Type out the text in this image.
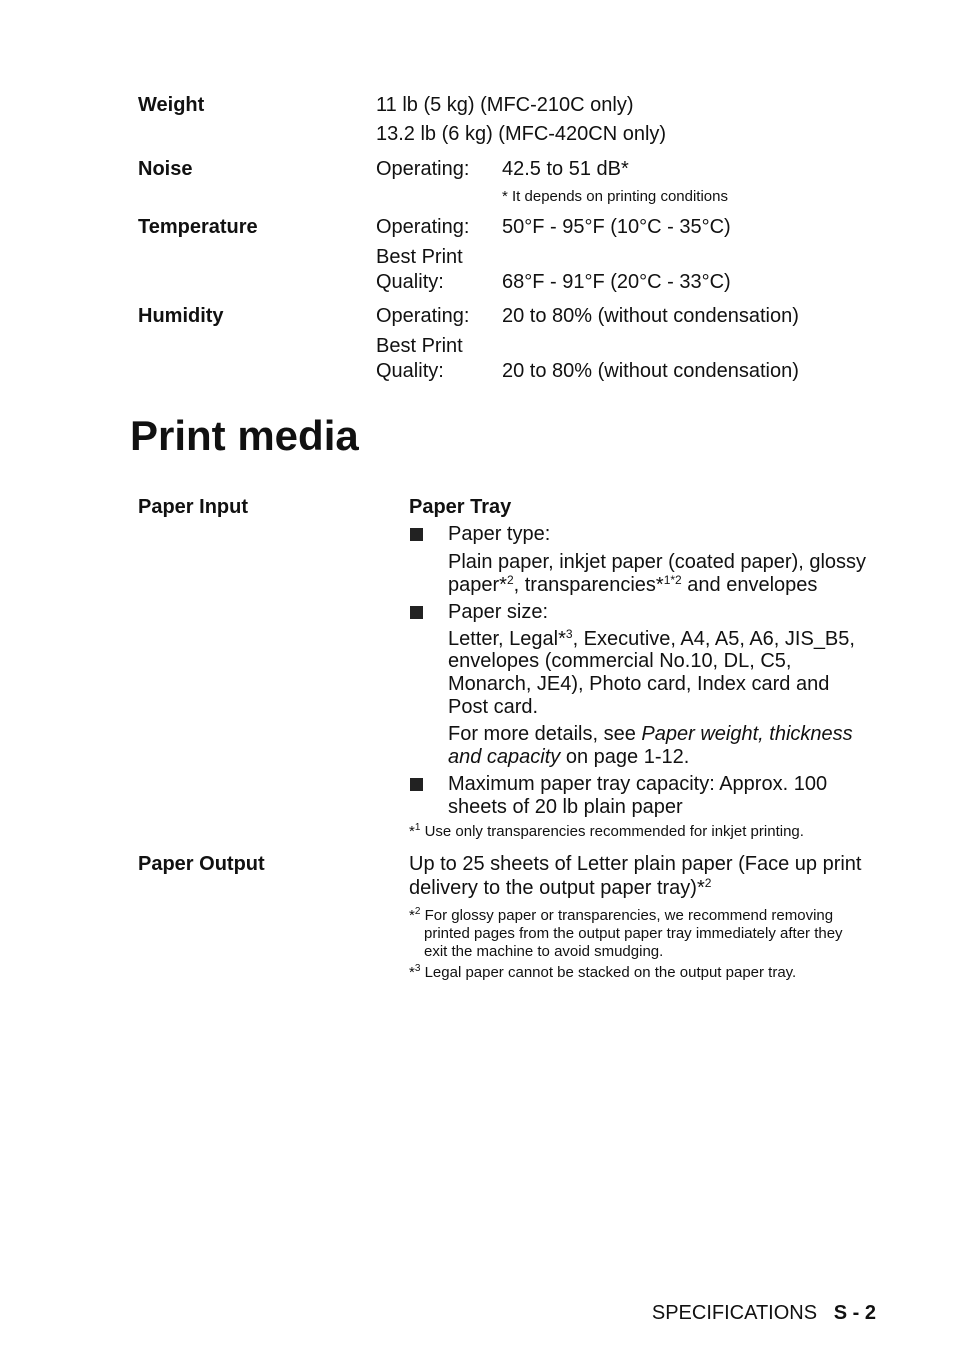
Weight	11 lb (5 kg) (MFC-210C only)
13.2 lb (6 kg) (MFC-420CN only)
Noise	Operating: 42.5 to 51 dB*
* It depends on printing conditions
Temperature	Operating: 50°F - 95°F (10°C - 35°C)
Best Print
Quality:	68°F - 91°F (20°C - 33°C)
Humidity	Operating: 20 to 80% (without condensation)
Best Print
Quality:	20 to 80% (without condensation)
Print media
Paper Input	Paper Tray
Paper type:
Plain paper, inkjet paper (coated paper), glossy
paper*$^2$, transparencies*$^{1*2}$ and envelopes
Paper size:
Letter, Legal*$^3$, Executive, A4, A5, A6, JIS_B5,
envelopes (commercial No.10, DL, C5,
Monarch, JE4), Photo card, Index card and
Post card.
For more details, see Paper weight, thickness
and capacity on page 1-12.
Maximum paper tray capacity: Approx. 100
sheets of 20 lb plain paper
*$^1$ Use only transparencies recommended for inkjet printing.
Paper Output	Up to 25 sheets of Letter plain paper (Face up print
delivery to the output paper tray)*$^2$
*$^2$ For glossy paper or transparencies, we recommend removing
printed pages from the output paper tray immediately after they
exit the machine to avoid smudging.
*$^3$ Legal paper cannot be stacked on the output paper tray.
SPECIFICATIONS S - 2
